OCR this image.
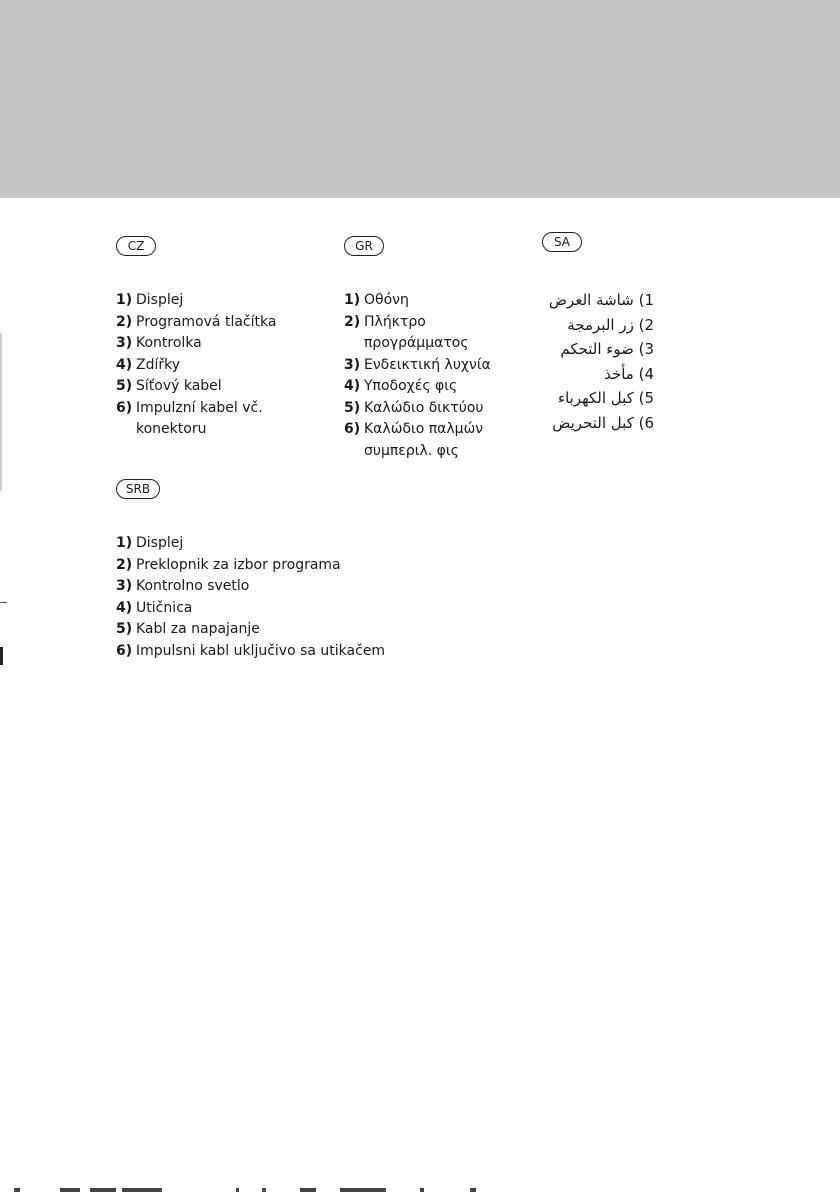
CZ
1) Displej
2) Programová tlačítka
3) Kontrolka
4) Zdířky
5) Síťový kabel
6) Impulzní kabel vč. konektoru
GR
1) Οθόνη
2) Πλήκτρο προγράμματος
3) Ενδεικτική λυχνία
4) Υποδοχές φις
5) Καλώδιο δικτύου
6) Καλώδιο παλμών συμπεριλ. φις
SA
1) شاشة العرض
2) زر البرمجة
3) ضوء التحكم
4) مأخذ
5) كبل الكهرباء
6) كبل التحريض
SRB
1) Displej
2) Preklopnik za izbor programa
3) Kontrolno svetlo
4) Utičnica
5) Kabl za napajanje
6) Impulsni kabl uključivo sa utikačem
